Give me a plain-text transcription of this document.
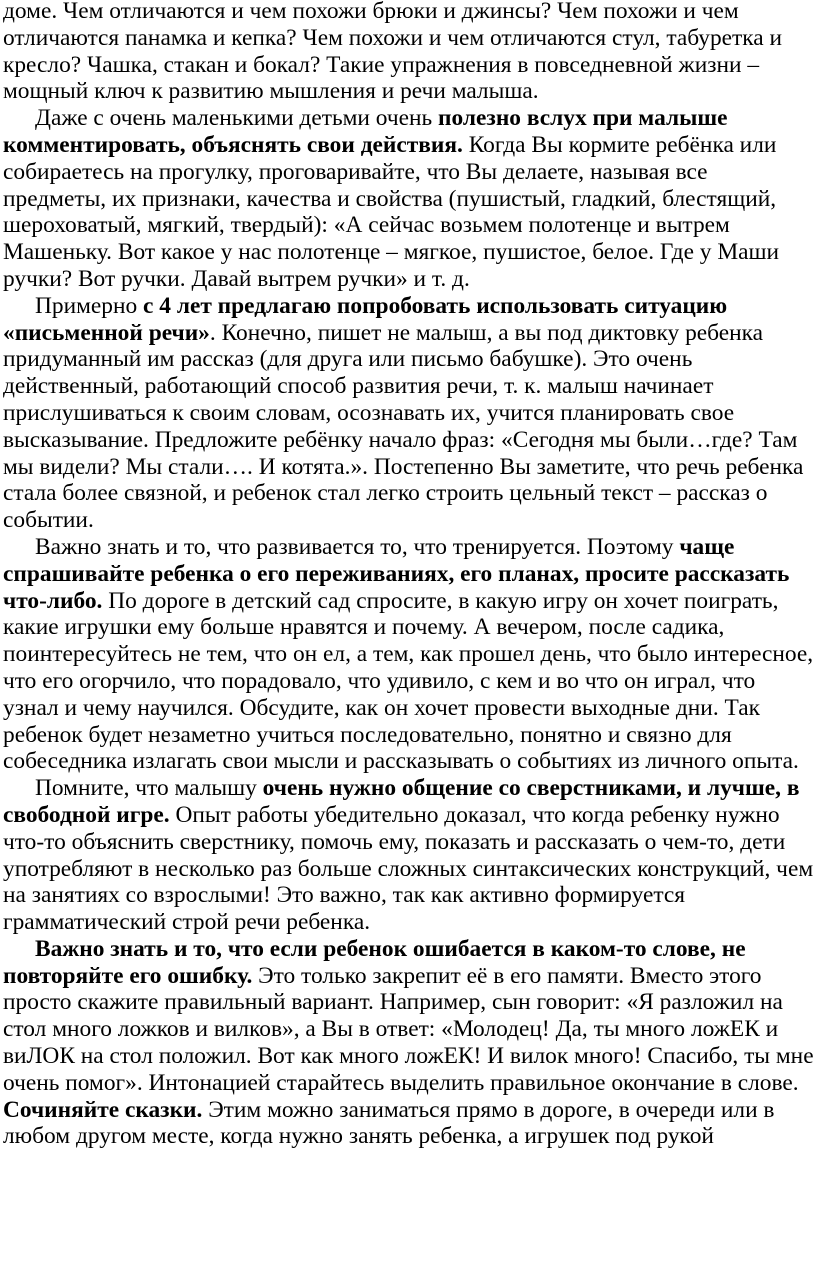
доме. Чем отличаются и чем похожи брюки и джинсы? Чем похожи и чем отличаются панамка и кепка? Чем похожи и чем отличаются стул, табуретка и кресло? Чашка, стакан и бокал? Такие упражнения в повседневной жизни – мощный ключ к развитию мышления и речи малыша.

Даже с очень маленькими детьми очень полезно вслух при малыше комментировать, объяснять свои действия. Когда Вы кормите ребёнка или собираетесь на прогулку, проговаривайте, что Вы делаете, называя все предметы, их признаки, качества и свойства (пушистый, гладкий, блестящий, шероховатый, мягкий, твердый): «А сейчас возьмем полотенце и вытрем Машеньку. Вот какое у нас полотенце – мягкое, пушистое, белое. Где у Маши ручки? Вот ручки. Давай вытрем ручки» и т. д.

Примерно с 4 лет предлагаю попробовать использовать ситуацию «письменной речи». Конечно, пишет не малыш, а вы под диктовку ребенка придуманный им рассказ (для друга или письмо бабушке). Это очень действенный, работающий способ развития речи, т. к. малыш начинает прислушиваться к своим словам, осознавать их, учится планировать свое высказывание. Предложите ребёнку начало фраз: «Сегодня мы были…где? Там мы видели? Мы стали…. И котята.». Постепенно Вы заметите, что речь ребенка стала более связной, и ребенок стал легко строить цельный текст – рассказ о событии.

Важно знать и то, что развивается то, что тренируется. Поэтому чаще спрашивайте ребенка о его переживаниях, его планах, просите рассказать что-либо. По дороге в детский сад спросите, в какую игру он хочет поиграть, какие игрушки ему больше нравятся и почему. А вечером, после садика, поинтересуйтесь не тем, что он ел, а тем, как прошел день, что было интересное, что его огорчило, что порадовало, что удивило, с кем и во что он играл, что узнал и чему научился. Обсудите, как он хочет провести выходные дни. Так ребенок будет незаметно учиться последовательно, понятно и связно для собеседника излагать свои мысли и рассказывать о событиях из личного опыта.

Помните, что малышу очень нужно общение со сверстниками, и лучше, в свободной игре. Опыт работы убедительно доказал, что когда ребенку нужно что-то объяснить сверстнику, помочь ему, показать и рассказать о чем-то, дети употребляют в несколько раз больше сложных синтаксических конструкций, чем на занятиях со взрослыми! Это важно, так как активно формируется грамматический строй речи ребенка.

Важно знать и то, что если ребенок ошибается в каком-то слове, не повторяйте его ошибку. Это только закрепит её в его памяти. Вместо этого просто скажите правильный вариант. Например, сын говорит: «Я разложил на стол много ложков и вилков», а Вы в ответ: «Молодец! Да, ты много ложЕК и виЛОК на стол положил. Вот как много ложЕК! И вилок много! Спасибо, ты мне очень помог». Интонацией старайтесь выделить правильное окончание в слове.

Сочиняйте сказки. Этим можно заниматься прямо в дороге, в очереди или в любом другом месте, когда нужно занять ребенка, а игрушек под рукой
